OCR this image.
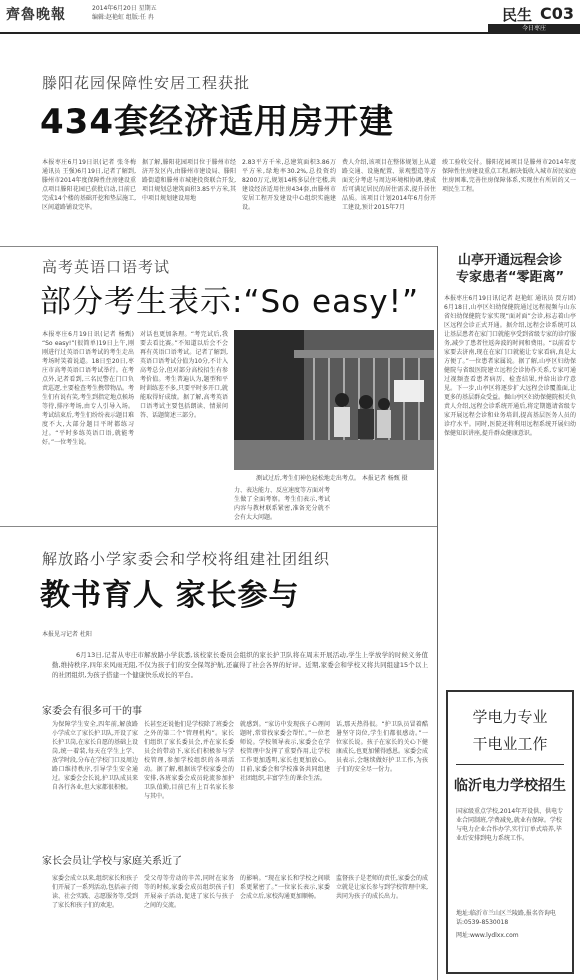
齊魯晚報	2014年6月20日 星期五
编辑:赵艳虹 组版:任 冉	民生 C03
今日枣庄
滕阳花园保障性安居工程获批
434套经济适用房开建
本报枣庄6月19日讯(记者 张冬梅 通讯员 王强)6月19日,记者了解到,滕州市2014年度保障性住房建设重点项目滕阳花园已获批启动,目前已完成14个楼的基础开挖和垫层施工,区间道路铺设完毕。
据了解,滕阳花园项目位于滕州市经济开发区内,由滕州市建设局、滕阳路街道和滕州市城建投资联合开发,项目规划总建筑面积3.85平方米,其中项目规划建设用地
2.83平方千米,总建筑面积3.86万平方米,绿地率30.2%,总投资约8200万元,规划14栋多层住宅楼,共建设经济适用住房434套,由滕州市安居工程开发建设中心组织实施建设。
费人介绍,该项目在整体规划上从道路交通、设施配置、景观塑造等方面充分考虑与周边环境相协调,建成后可满足居民的居住需求,提升居住品质。该项目计划2014年6月份开工建设,预计2015年7月
竣工验收交付。滕阳花园项目是滕州市2014年度保障性住房建设重点工程,解决低收入城市居民家庭住房困难,完善住房保障体系,实现住有所居的又一项民生工程。
高考英语口语考试
部分考生表示:“So easy!”
本报枣庄6月19日讯(记者 杨甄) “So easy!”(很简单)19日上午,刚刚进行过英语口语考试的考生走出考场时笑着说道。18日至20日,枣庄市高考英语口语考试举行。在考点外,记者看到,三名民警在门口负责巡逻,主要检查考生携带物品。考生们有说有笑,考生到指定地点候场等待,排序考场,由专人引导入场。考试结束后,考生们纷纷表示题目难度不大,大部分题目平时都练习过。“平时多练英语口语,就能考好。”一位考生说。
对话也更加条理。“考完试后,我要去看比赛。”不知道以后会不会再有英语口语考试。记者了解到,英语口语考试分值为10分,不计入高考总分,但对部分高校招生有参考价值。考生普遍认为,题型和平时训练差不多,只要平时多开口,就能取得好成绩。据了解,高考英语口语考试主要包括朗读、情景问答、话题简述三部分。
测试过后,考生们神色轻松地走出考点。 本报记者 杨甄 摄
力、表达能力、反应速度等方面对考生做了全面考察。考生们表示,考试内容与教材联系紧密,准备充分就不会有太大问题。
解放路小学家委会和学校将组建社团组织
教书育人 家长参与
本报见习记者 杜阳
6月13日,记者从枣庄市解放路小学获悉,该校家长委员会组织的家长护卫队将在周末开展活动,学生上学放学的时候义务值勤,维持秩序,四年来风雨无阻,不仅为孩子们的安全保驾护航,还赢得了社会各界的好评。近期,家委会和学校又将共同组建15个以上的社团组织,为孩子搭建一个健康快乐成长的平台。
家委会有很多可干的事
为保障学生安全,四年前,解放路小学成立了家长护卫队,开设了家长护卫岗,在家长自愿的基础上设岗,统一着装,每天在学生上学、放学时段,分布在学校门口及周边路口维持秩序,引导学生安全通过。家委会会长说,护卫队成员来自各行各业,但大家都很积极。
长甚至还说他们是学校除了班委会之外的第二个“管理机构”。家长们组织了家长委员会,并在家长委员会的带动下,家长们积极参与学校管理,参加学校组织的各项活动。据了解,根据该学校家委会的安排,各班家委会成员轮流参加护卫队值勤,目前已有上百名家长参与其中。
就感到。“家访中发现孩子心理问题时,常常找家委会帮忙。”一位老师说。学校领导表示,家委会在学校管理中发挥了重要作用,让学校工作更加透明,家长也更加放心。目前,家委会和学校准备共同组建社团组织,丰富学生的课余生活。
话,那天热得很。“护卫队员冒着酷暑坚守岗位,学生们都很感动。”一位家长说。孩子在家长的关心下健康成长,也更加懂得感恩。家委会成员表示,会继续做好护卫工作,为孩子们的安全尽一份力。
家长会员让学校与家庭关系近了
家委会成立以来,组织家长和孩子们开展了一系列活动,包括亲子阅读、社会实践、志愿服务等,受到了家长和孩子们的欢迎。
受父母等劳动的辛苦,同时在家务等的时候,家委会成员组织孩子们开展亲子活动,促进了家长与孩子之间的交流。
的影响。“现在家长和学校之间联系更紧密了。”一位家长表示,家委会成立后,家校沟通更加顺畅。
监督孩子是老师的责任,家委会的成立就是让家长参与到学校管理中来,共同为孩子的成长出力。
山亭开通远程会诊
专家患者“零距离”
本报枣庄6月19日讯(记者 赵艳虹 通讯员 贾方团) 6月18日,山亭区妇幼保健院通过远程视频与山东省妇幼保健院专家实现“面对面”会诊,标志着山亭区远程会诊正式开通。据介绍,远程会诊系统可以让基层患者在家门口就能享受到省级专家的诊疗服务,减少了患者往返奔波的时间和费用。“以前看专家要去济南,现在在家门口就能让专家看病,真是太方便了。”一位患者家属说。据了解,山亭区妇幼保健院与省级医院建立远程会诊协作关系,专家可通过视频查看患者病历、检查结果,并给出诊疗意见。下一步,山亭区将逐步扩大远程会诊覆盖面,让更多的基层群众受益。掘山亭区妇幼保健院相关负责人介绍,远程会诊系统开通后,将定期邀请省级专家开展远程会诊和业务培训,提高基层医务人员的诊疗水平。同时,医院还将利用远程系统开展妇幼保健知识讲座,提升群众健康意识。
学电力专业
干电业工作
临沂电力学校招生
国家级重点学校,2014年开设供、供电专业合同制班,学费减免,就业有保障。学校与电力企业合作办学,实行订单式培养,毕业后安排到电力系统工作。
地址:临沂市兰山区兰陵路,报名咨询电话:0539-8530018
网址:www.lydlxx.com
